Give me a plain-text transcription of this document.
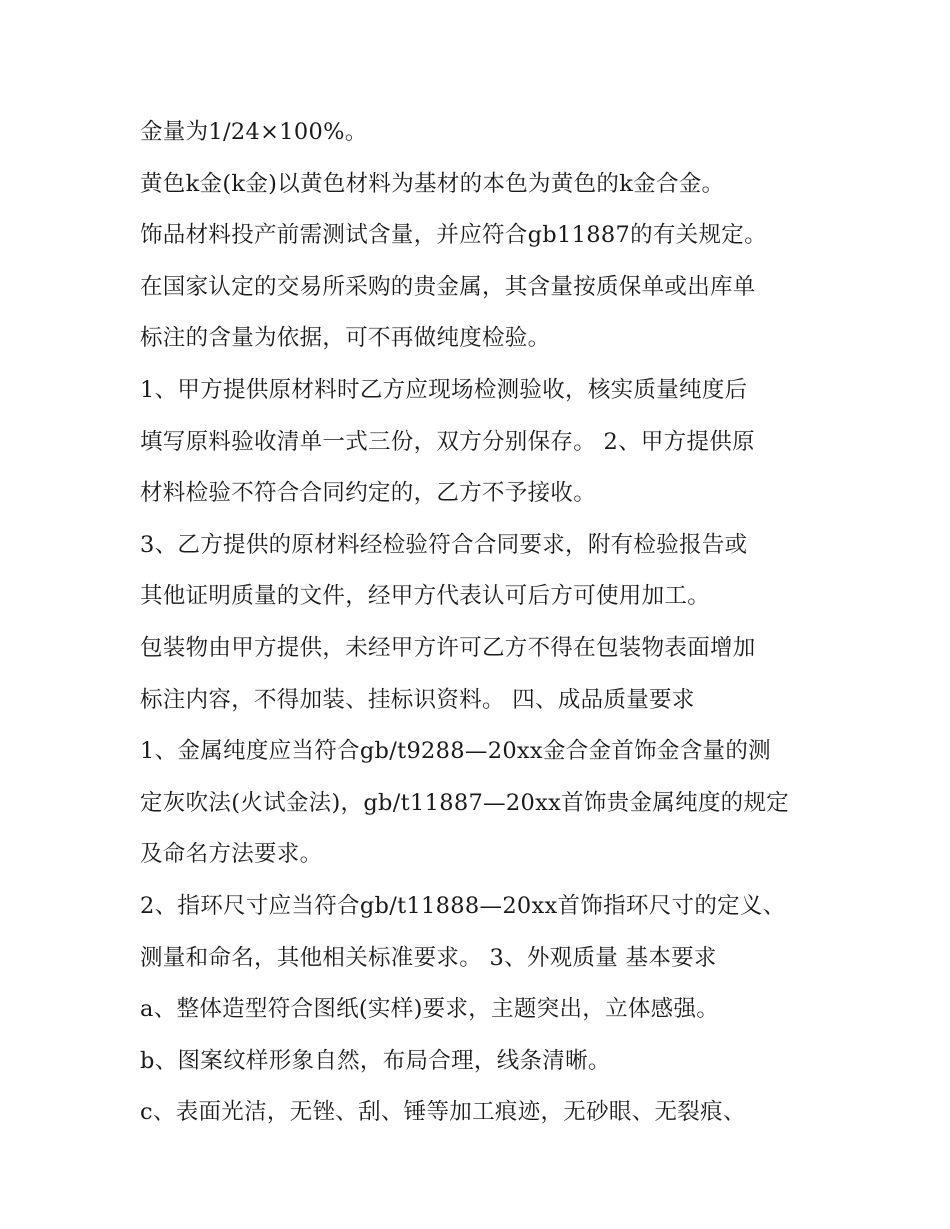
金量为1/24×100%。
黄色k金(k金)以黄色材料为基材的本色为黄色的k金合金。
饰品材料投产前需测试含量，并应符合gb11887的有关规定。
在国家认定的交易所采购的贵金属，其含量按质保单或出库单
标注的含量为依据，可不再做纯度检验。
1、甲方提供原材料时乙方应现场检测验收，核实质量纯度后
填写原料验收清单一式三份，双方分别保存。 2、甲方提供原
材料检验不符合合同约定的，乙方不予接收。
3、乙方提供的原材料经检验符合合同要求，附有检验报告或
其他证明质量的文件，经甲方代表认可后方可使用加工。
包装物由甲方提供，未经甲方许可乙方不得在包装物表面增加
标注内容，不得加装、挂标识资料。 四、成品质量要求
1、金属纯度应当符合gb/t9288—20xx金合金首饰金含量的测
定灰吹法(火试金法)，gb/t11887—20xx首饰贵金属纯度的规定
及命名方法要求。
2、指环尺寸应当符合gb/t11888—20xx首饰指环尺寸的定义、
测量和命名，其他相关标准要求。 3、外观质量 基本要求
a、整体造型符合图纸(实样)要求，主题突出，立体感强。
b、图案纹样形象自然，布局合理，线条清晰。
c、表面光洁，无锉、刮、锤等加工痕迹，无砂眼、无裂痕、
